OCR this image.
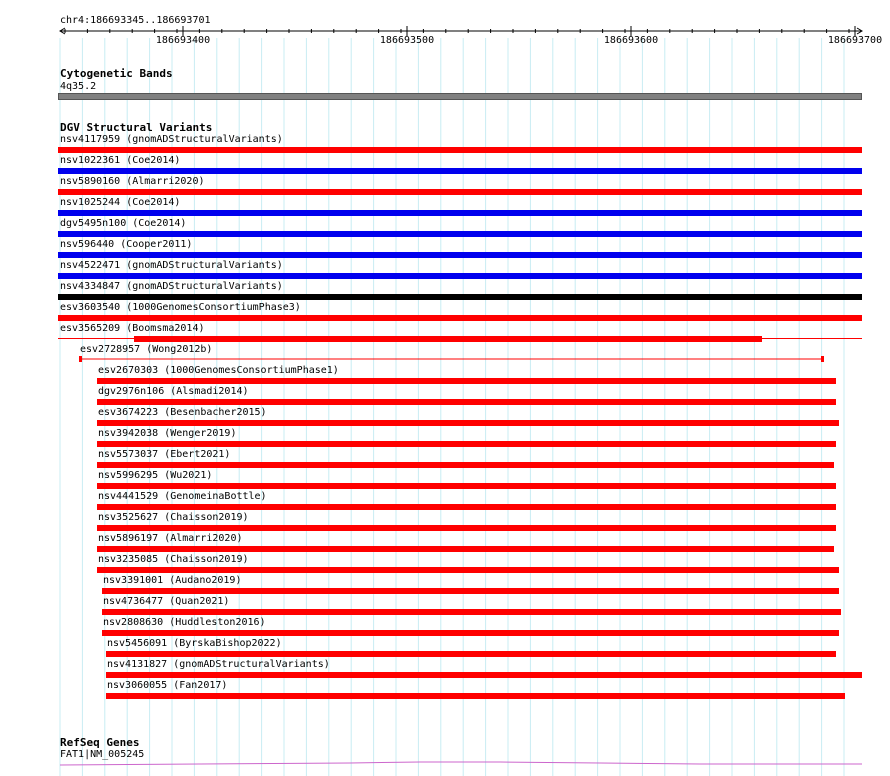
chr4:186693345..186693701
186693400	186693500	186693600	186693700
Cytogenetic Bands
4q35.2
DGV Structural Variants
nsv4117959 (gnomADStructuralVariants)
nsv1022361 (Coe2014)
nsv5890160 (Almarri2020)
nsv1025244 (Coe2014)
dgv5495n100 (Coe2014)
nsv596440 (Cooper2011)
nsv4522471 (gnomADStructuralVariants)
nsv4334847 (gnomADStructuralVariants)
esv3603540 (1000GenomesConsortiumPhase3)
esv3565209 (Boomsma2014)
esv2728957 (Wong2012b)
esv2670303 (1000GenomesConsortiumPhase1)
dgv2976n106 (Alsmadi2014)
esv3674223 (Besenbacher2015)
nsv3942038 (Wenger2019)
nsv5573037 (Ebert2021)
nsv5996295 (Wu2021)
nsv4441529 (GenomeinaBottle)
nsv3525627 (Chaisson2019)
nsv5896197 (Almarri2020)
nsv3235085 (Chaisson2019)
nsv3391001 (Audano2019)
nsv4736477 (Quan2021)
nsv2808630 (Huddleston2016)
nsv5456091 (ByrskaBishop2022)
nsv4131827 (gnomADStructuralVariants)
nsv3060055 (Fan2017)
RefSeq Genes
FAT1|NM_005245
